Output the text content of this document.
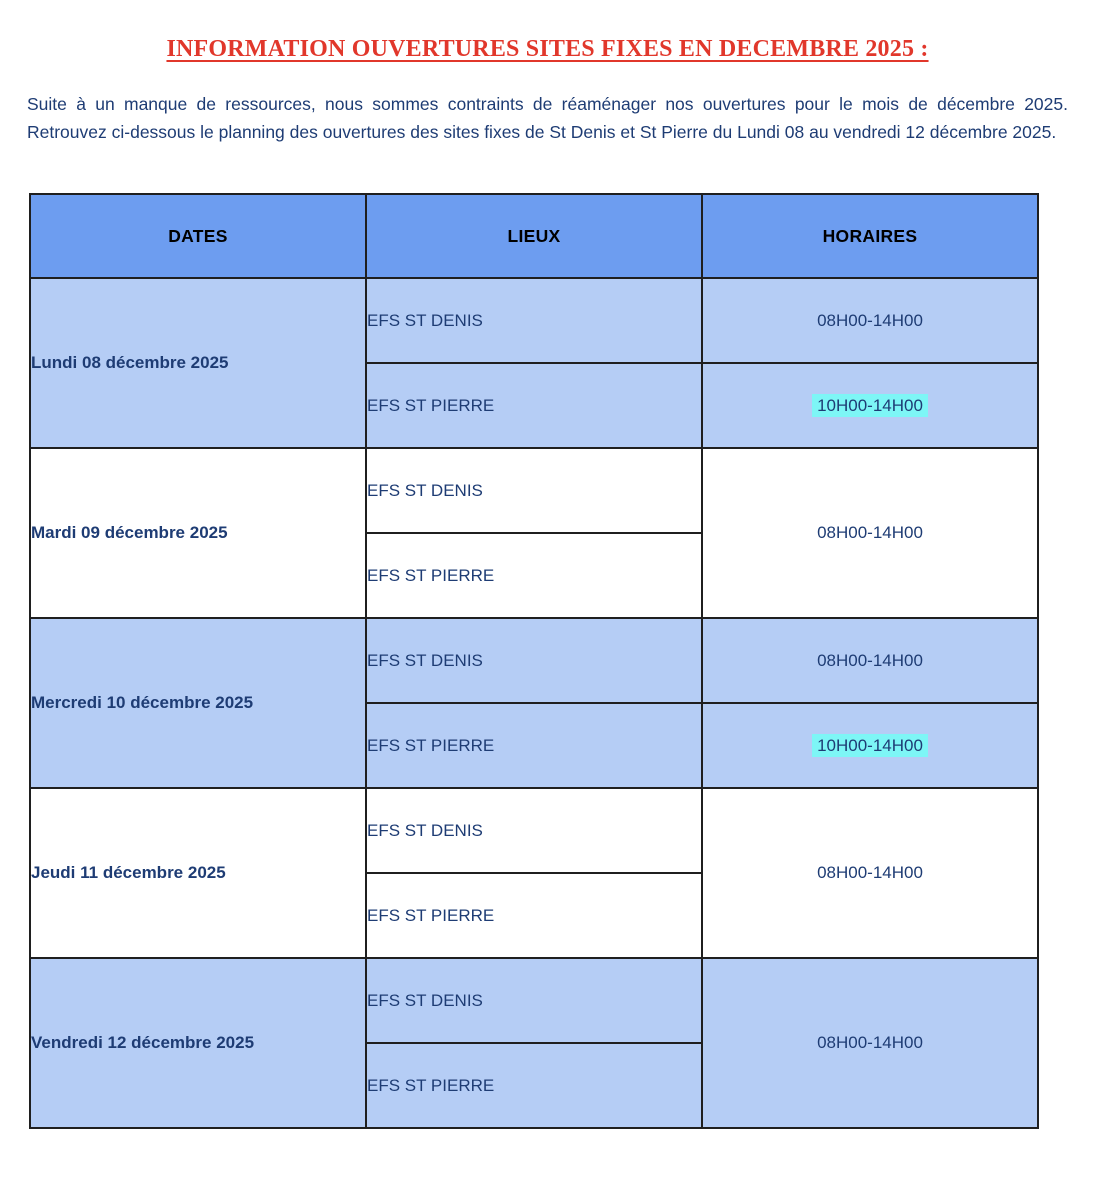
INFORMATION OUVERTURES SITES FIXES EN DECEMBRE 2025 :

Suite à un manque de ressources, nous sommes contraints de réaménager nos ouvertures pour le mois de décembre 2025. Retrouvez ci-dessous le planning des ouvertures des sites fixes de St Denis et St Pierre du Lundi 08 au vendredi 12 décembre 2025.

DATES	LIEUX	HORAIRES
Lundi 08 décembre 2025	EFS ST DENIS	08H00-14H00
	EFS ST PIERRE	10H00-14H00
Mardi 09 décembre 2025	EFS ST DENIS	08H00-14H00
	EFS ST PIERRE	
Mercredi 10 décembre 2025	EFS ST DENIS	08H00-14H00
	EFS ST PIERRE	10H00-14H00
Jeudi 11 décembre 2025	EFS ST DENIS	08H00-14H00
	EFS ST PIERRE	
Vendredi 12 décembre 2025	EFS ST DENIS	08H00-14H00
	EFS ST PIERRE	
